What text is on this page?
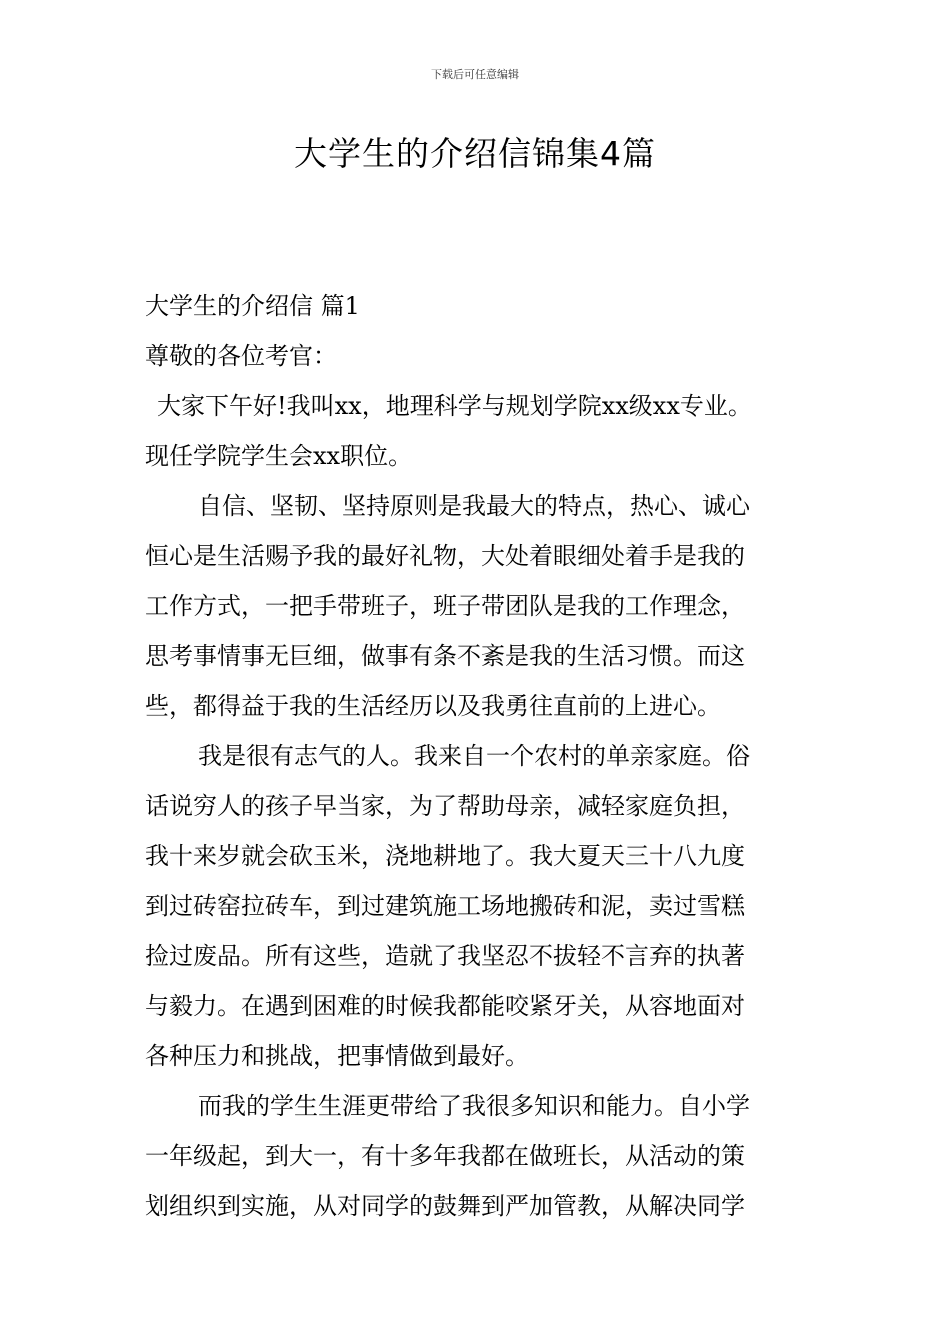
下载后可任意编辑
大学生的介绍信锦集4篇
大学生的介绍信 篇1
尊敬的各位考官：
大家下午好!我叫xx，地理科学与规划学院xx级xx专业。
现任学院学生会xx职位。
自信、坚韧、坚持原则是我最大的特点，热心、诚心
恒心是生活赐予我的最好礼物，大处着眼细处着手是我的
工作方式，一把手带班子，班子带团队是我的工作理念，
思考事情事无巨细，做事有条不紊是我的生活习惯。而这
些，都得益于我的生活经历以及我勇往直前的上进心。
我是很有志气的人。我来自一个农村的单亲家庭。俗
话说穷人的孩子早当家，为了帮助母亲，减轻家庭负担，
我十来岁就会砍玉米，浇地耕地了。我大夏天三十八九度
到过砖窑拉砖车，到过建筑施工场地搬砖和泥，卖过雪糕
捡过废品。所有这些，造就了我坚忍不拔轻不言弃的执著
与毅力。在遇到困难的时候我都能咬紧牙关，从容地面对
各种压力和挑战，把事情做到最好。
而我的学生生涯更带给了我很多知识和能力。自小学
一年级起，到大一，有十多年我都在做班长，从活动的策
划组织到实施，从对同学的鼓舞到严加管教，从解决同学
